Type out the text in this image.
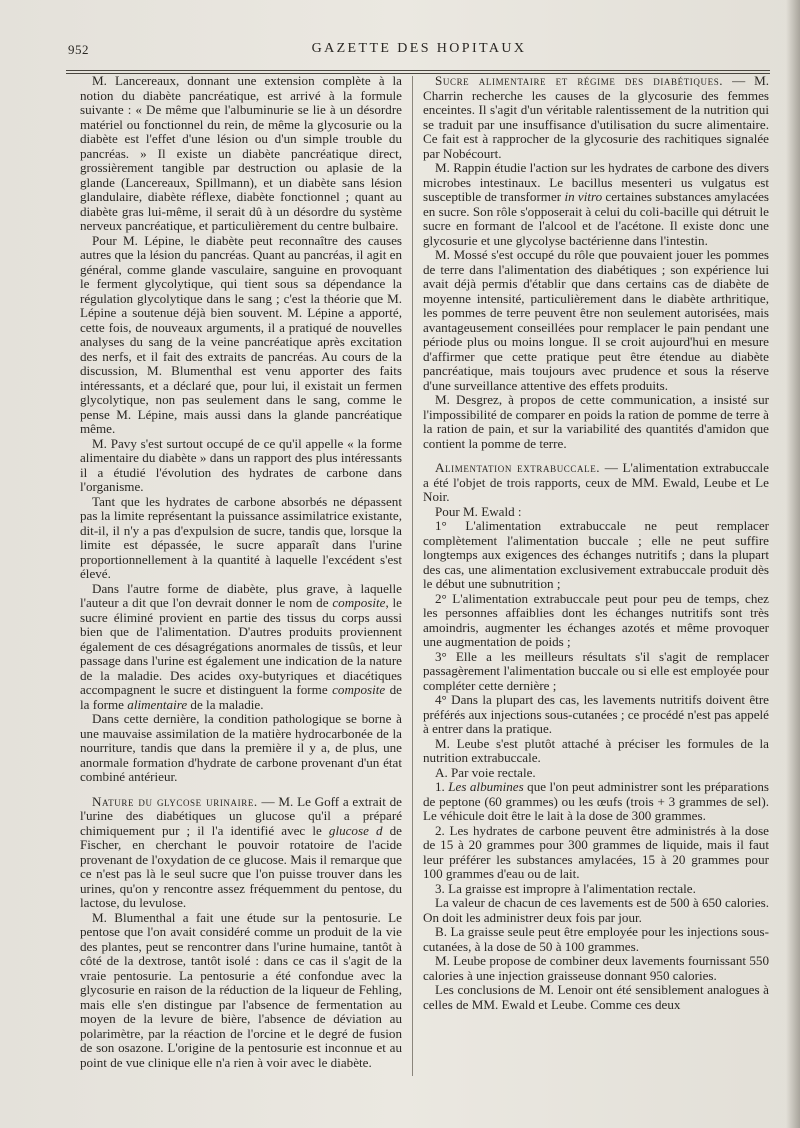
952	GAZETTE DES HOPITAUX

M. Lancereaux, donnant une extension complète à la notion du diabète pancréatique, est arrivé à la formule suivante : « De même que l'albuminurie se lie à un désordre matériel ou fonctionnel du rein, de même la glycosurie ou la diabète est l'effet d'une lésion ou d'un simple trouble du pancréas. » Il existe un diabète pancréatique direct, grossièrement tangible par destruction ou aplasie de la glande (Lancereaux, Spillmann), et un diabète sans lésion glandulaire, diabète réflexe, diabète fonctionnel ; quant au diabète gras lui-même, il serait dû à un désordre du système nerveux pancréatique, et particulièrement du centre bulbaire.

Pour M. Lépine, le diabète peut reconnaître des causes autres que la lésion du pancréas. Quant au pancréas, il agit en général, comme glande vasculaire, sanguine en provoquant le ferment glycolytique, qui tient sous sa dépendance la régulation glycolytique dans le sang ; c'est la théorie que M. Lépine a soutenue déjà bien souvent. M. Lépine a apporté, cette fois, de nouveaux arguments, il a pratiqué de nouvelles analyses du sang de la veine pancréatique après excitation des nerfs, et il fait des extraits de pancréas. Au cours de la discussion, M. Blumenthal est venu apporter des faits intéressants, et a déclaré que, pour lui, il existait un fermen glycolytique, non pas seulement dans le sang, comme le pense M. Lépine, mais aussi dans la glande pancréatique même.

M. Pavy s'est surtout occupé de ce qu'il appelle « la forme alimentaire du diabète » dans un rapport des plus intéressants il a étudié l'évolution des hydrates de carbone dans l'organisme.

Tant que les hydrates de carbone absorbés ne dépassent pas la limite représentant la puissance assimilatrice existante, dit-il, il n'y a pas d'expulsion de sucre, tandis que, lorsque la limite est dépassée, le sucre apparaît dans l'urine proportionnellement à la quantité à laquelle l'excédent s'est élevé.

Dans l'autre forme de diabète, plus grave, à laquelle l'auteur a dit que l'on devrait donner le nom de composite, le sucre éliminé provient en partie des tissus du corps aussi bien que de l'alimentation. D'autres produits proviennent également de ces désagrégations anormales de tissûs, et leur passage dans l'urine est également une indication de la nature de la maladie. Des acides oxy-butyriques et diacétiques accompagnent le sucre et distinguent la forme composite de la forme alimentaire de la maladie.

Dans cette dernière, la condition pathologique se borne à une mauvaise assimilation de la matière hydrocarbonée de la nourriture, tandis que dans la première il y a, de plus, une anormale formation d'hydrate de carbone provenant d'un état combiné antérieur.

Nature du glycose urinaire. — M. Le Goff a extrait de l'urine des diabétiques un glucose qu'il a préparé chimiquement pur ; il l'a identifié avec le glucose d de Fischer, en cherchant le pouvoir rotatoire de l'acide provenant de l'oxydation de ce glucose. Mais il remarque que ce n'est pas là le seul sucre que l'on puisse trouver dans les urines, qu'on y rencontre assez fréquemment du pentose, du lactose, du levulose.

M. Blumenthal a fait une étude sur la pentosurie. Le pentose que l'on avait considéré comme un produit de la vie des plantes, peut se rencontrer dans l'urine humaine, tantôt à côté de la dextrose, tantôt isolé : dans ce cas il s'agit de la vraie pentosurie. La pentosurie a été confondue avec la glycosurie en raison de la réduction de la liqueur de Fehling, mais elle s'en distingue par l'absence de fermentation au moyen de la levure de bière, l'absence de déviation au polarimètre, par la réaction de l'orcine et le degré de fusion de son osazone. L'origine de la pentosurie est inconnue et au point de vue clinique elle n'a rien à voir avec le diabète.

Sucre alimentaire et régime des diabétiques. — M. Charrin recherche les causes de la glycosurie des femmes enceintes. Il s'agit d'un véritable ralentissement de la nutrition qui se traduit par une insuffisance d'utilisation du sucre alimentaire. Ce fait est à rapprocher de la glycosurie des rachitiques signalée par Nobécourt.

M. Rappin étudie l'action sur les hydrates de carbone des divers microbes intestinaux. Le bacillus mesenteri us vulgatus est susceptible de transformer in vitro certaines substances amylacées en sucre. Son rôle s'opposerait à celui du coli-bacille qui détruit le sucre en formant de l'alcool et de l'acétone. Il existe donc une glycosurie et une glycolyse bactérienne dans l'intestin.

M. Mossé s'est occupé du rôle que pouvaient jouer les pommes de terre dans l'alimentation des diabétiques ; son expérience lui avait déjà permis d'établir que dans certains cas de diabète de moyenne intensité, particulièrement dans le diabète arthritique, les pommes de terre peuvent être non seulement autorisées, mais avantageusement conseillées pour remplacer le pain pendant une période plus ou moins longue. Il se croit aujourd'hui en mesure d'affirmer que cette pratique peut être étendue au diabète pancréatique, mais toujours avec prudence et sous la réserve d'une surveillance attentive des effets produits.

M. Desgrez, à propos de cette communication, a insisté sur l'impossibilité de comparer en poids la ration de pomme de terre à la ration de pain, et sur la variabilité des quantités d'amidon que contient la pomme de terre.

Alimentation extrabuccale. — L'alimentation extrabuccale a été l'objet de trois rapports, ceux de MM. Ewald, Leube et Le Noir.

Pour M. Ewald :

1° L'alimentation extrabuccale ne peut remplacer complètement l'alimentation buccale ; elle ne peut suffire longtemps aux exigences des échanges nutritifs ; dans la plupart des cas, une alimentation exclusivement extrabuccale produit dès le début une subnutrition ;

2° L'alimentation extrabuccale peut pour peu de temps, chez les personnes affaiblies dont les échanges nutritifs sont très amoindris, augmenter les échanges azotés et même provoquer une augmentation de poids ;

3° Elle a les meilleurs résultats s'il s'agit de remplacer passagèrement l'alimentation buccale ou si elle est employée pour compléter cette dernière ;

4° Dans la plupart des cas, les lavements nutritifs doivent être préférés aux injections sous-cutanées ; ce procédé n'est pas appelé à entrer dans la pratique.

M. Leube s'est plutôt attaché à préciser les formules de la nutrition extrabuccale.

A. Par voie rectale.

1. Les albumines que l'on peut administrer sont les préparations de peptone (60 grammes) ou les œufs (trois + 3 grammes de sel). Le véhicule doit être le lait à la dose de 300 grammes.

2. Les hydrates de carbone peuvent être administrés à la dose de 15 à 20 grammes pour 300 grammes de liquide, mais il faut leur préférer les substances amylacées, 15 à 20 grammes pour 100 grammes d'eau ou de lait.

3. La graisse est impropre à l'alimentation rectale.

La valeur de chacun de ces lavements est de 500 à 650 calories. On doit les administrer deux fois par jour.

B. La graisse seule peut être employée pour les injections sous-cutanées, à la dose de 50 à 100 grammes.

M. Leube propose de combiner deux lavements fournissant 550 calories à une injection graisseuse donnant 950 calories.

Les conclusions de M. Lenoir ont été sensiblement analogues à celles de MM. Ewald et Leube. Comme ces deux
